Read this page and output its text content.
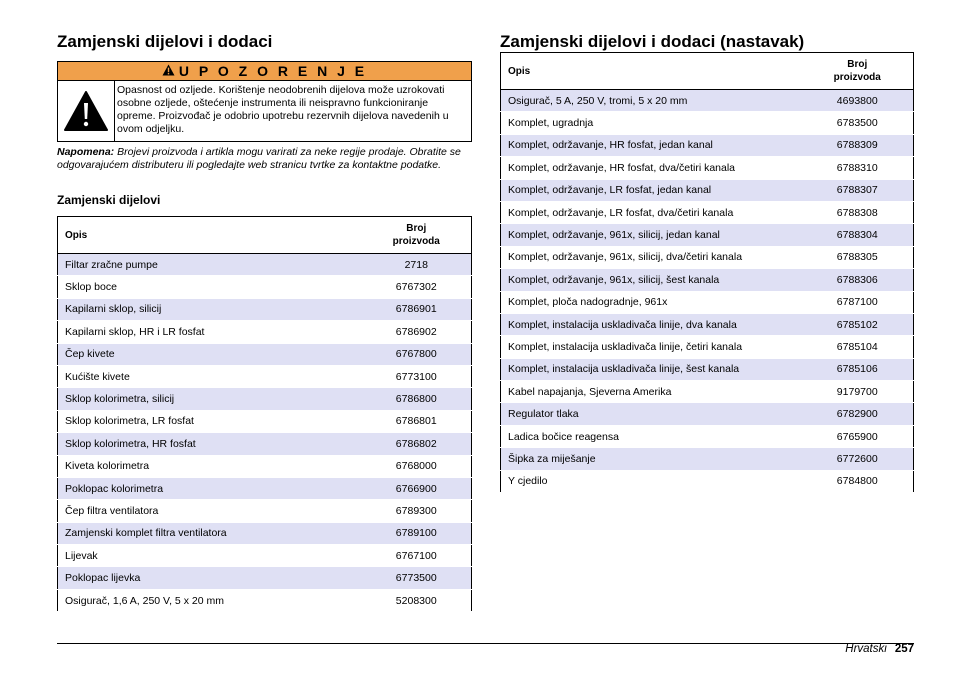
Zamjenski dijelovi i dodaci
U P O Z O R E N J E
Opasnost od ozljede. Korištenje neodobrenih dijelova može uzrokovati osobne ozljede, oštećenje instrumenta ili neispravno funkcioniranje opreme. Proizvođač je odobrio upotrebu rezervnih dijelova navedenih u ovom odjeljku.
Napomena: Brojevi proizvoda i artikla mogu varirati za neke regije prodaje. Obratite se odgovarajućem distributeru ili pogledajte web stranicu tvrtke za kontaktne podatke.
Zamjenski dijelovi
Opis	Broj
proizvoda
Filtar zračne pumpe	2718
Sklop boce	6767302
Kapilarni sklop, silicij	6786901
Kapilarni sklop, HR i LR fosfat	6786902
Čep kivete	6767800
Kućište kivete	6773100
Sklop kolorimetra, silicij	6786800
Sklop kolorimetra, LR fosfat	6786801
Sklop kolorimetra, HR fosfat	6786802
Kiveta kolorimetra	6768000
Poklopac kolorimetra	6766900
Čep filtra ventilatora	6789300
Zamjenski komplet filtra ventilatora	6789100
Lijevak	6767100
Poklopac lijevka	6773500
Osigurač, 1,6 A, 250 V, 5 x 20 mm	5208300
Zamjenski dijelovi i dodaci (nastavak)
Opis	Broj
proizvoda
Osigurač, 5 A, 250 V, tromi, 5 x 20 mm	4693800
Komplet, ugradnja	6783500
Komplet, održavanje, HR fosfat, jedan kanal	6788309
Komplet, održavanje, HR fosfat, dva/četiri kanala	6788310
Komplet, održavanje, LR fosfat, jedan kanal	6788307
Komplet, održavanje, LR fosfat, dva/četiri kanala	6788308
Komplet, održavanje, 961x, silicij, jedan kanal	6788304
Komplet, održavanje, 961x, silicij, dva/četiri kanala	6788305
Komplet, održavanje, 961x, silicij, šest kanala	6788306
Komplet, ploča nadogradnje, 961x	6787100
Komplet, instalacija uskladivača linije, dva kanala	6785102
Komplet, instalacija uskladivača linije, četiri kanala	6785104
Komplet, instalacija uskladivača linije, šest kanala	6785106
Kabel napajanja, Sjeverna Amerika	9179700
Regulator tlaka	6782900
Ladica bočice reagensa	6765900
Šipka za miješanje	6772600
Y cjedilo	6784800
Hrvatski 257
